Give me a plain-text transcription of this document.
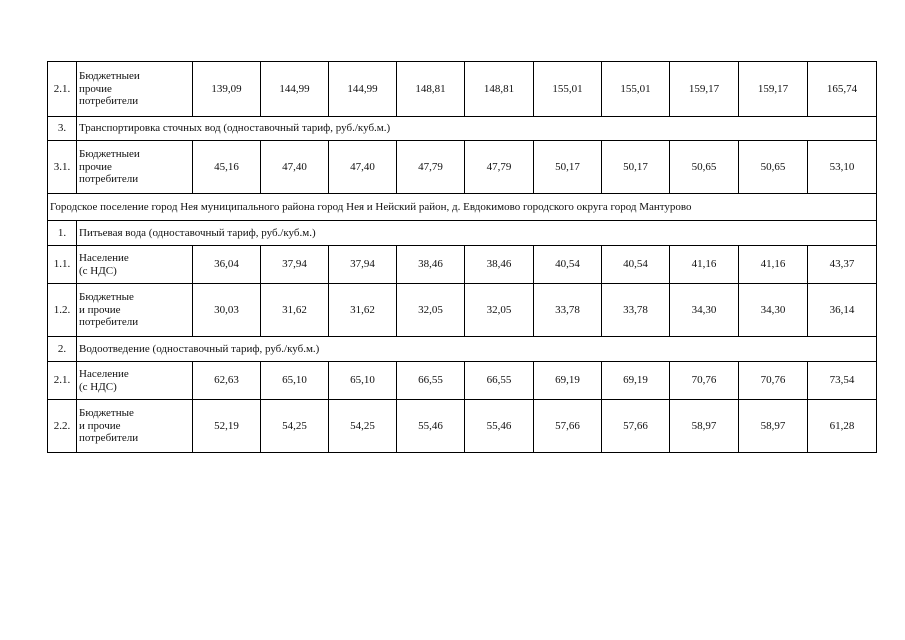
2.1.	Бюджетныеи
прочие
потребители	139,09	144,99	144,99	148,81	148,81	155,01	155,01	159,17	159,17	165,74
3.	Транспортировка сточных вод (одноставочный тариф, руб./куб.м.)										
3.1.	Бюджетныеи
прочие
потребители	45,16	47,40	47,40	47,79	47,79	50,17	50,17	50,65	50,65	53,10
Городское поселение город Нея муниципального района город Нея и Нейский район, д. Евдокимово городского округа город Мантурово											
1.	Питьевая вода (одноставочный тариф, руб./куб.м.)										
1.1.	Население
(с НДС)	36,04	37,94	37,94	38,46	38,46	40,54	40,54	41,16	41,16	43,37
1.2.	Бюджетные
и прочие
потребители	30,03	31,62	31,62	32,05	32,05	33,78	33,78	34,30	34,30	36,14
2.	Водоотведение (одноставочный тариф, руб./куб.м.)										
2.1.	Население
(с НДС)	62,63	65,10	65,10	66,55	66,55	69,19	69,19	70,76	70,76	73,54
2.2.	Бюджетные
и прочие
потребители	52,19	54,25	54,25	55,46	55,46	57,66	57,66	58,97	58,97	61,28
